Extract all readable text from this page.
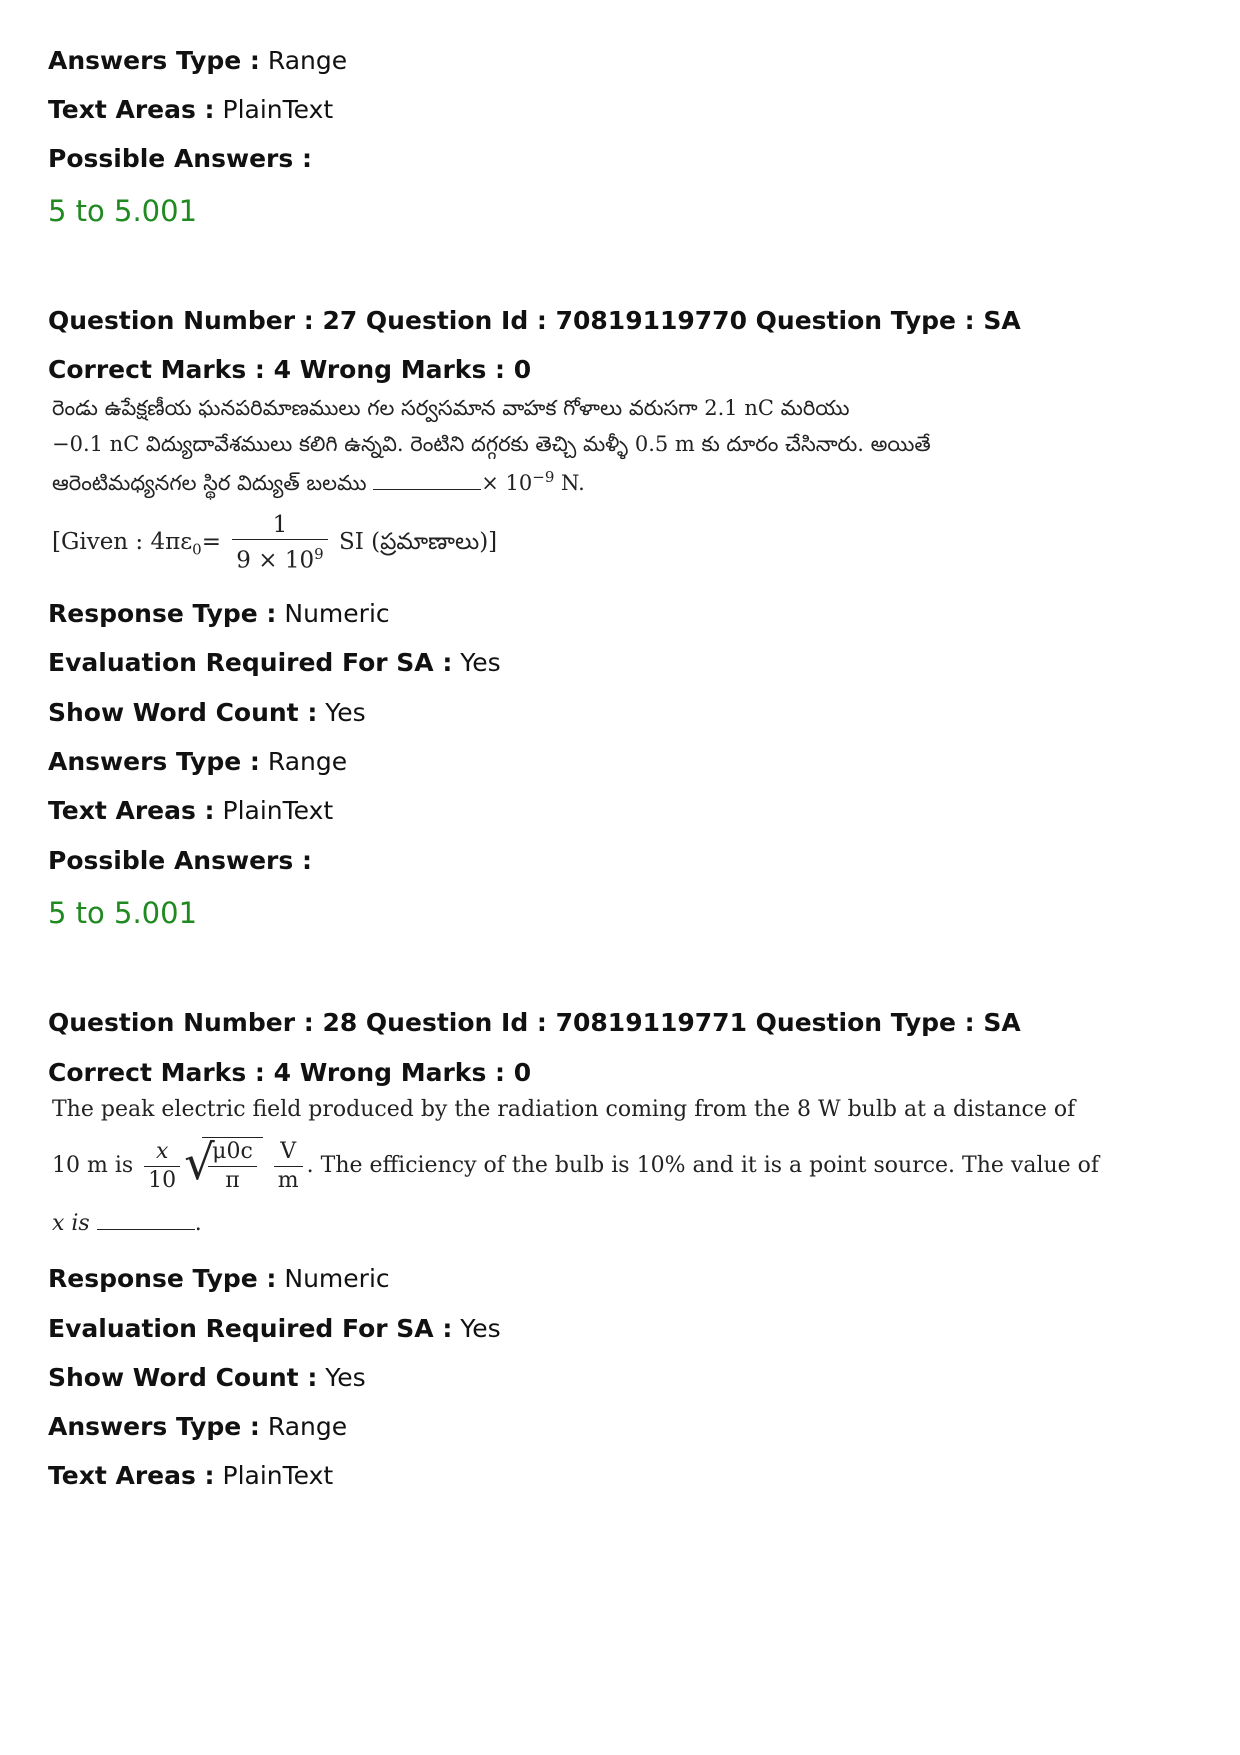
Answers Type : Range
Text Areas : PlainText
Possible Answers :
5 to 5.001
Question Number : 27 Question Id : 70819119770 Question Type : SA
Correct Marks : 4 Wrong Marks : 0
రెండు ఉపేక్షణీయ ఘనపరిమాణములు గల సర్వసమాన వాహక గోళాలు వరుసగా 2.1 nC మరియు
−0.1 nC విద్యుదావేశములు కలిగి ఉన్నవి. రెంటిని దగ్గరకు తెచ్చి మళ్ళీ 0.5 m కు దూరం చేసినారు. అయితే
ఆరెంటిమధ్యనగల స్థిర విద్యుత్ బలము	× $10^{-9}$ N.
[Given : $4\pi\varepsilon_0= \frac{1}{9 \times 10^9}$ SI (ప్రమాణాలు)]
Response Type : Numeric
Evaluation Required For SA : Yes
Show Word Count : Yes
Answers Type : Range
Text Areas : PlainText
Possible Answers :
5 to 5.001
Question Number : 28 Question Id : 70819119771 Question Type : SA
Correct Marks : 4 Wrong Marks : 0
The peak electric field produced by the radiation coming from the 8 W bulb at a distance of
10 m is $\frac{x}{10}$ √
$\frac{\mu 0c}{\pi}$
$\frac{V}{m}$ . The efficiency of the bulb is 10% and it is a point source. The value of
x is	.
Response Type : Numeric
Evaluation Required For SA : Yes
Show Word Count : Yes
Answers Type : Range
Text Areas : PlainText
